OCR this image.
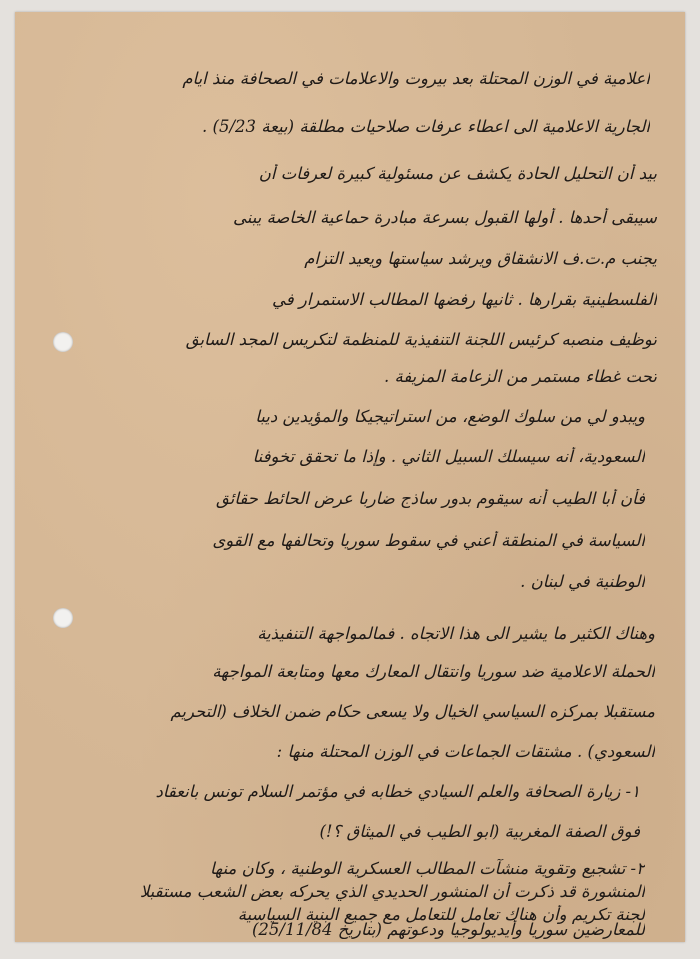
اعلامية في الوزن المحتلة بعد بيروت والاعلامات في الصحافة منذ ايام
الجارية الاعلامية الى اعطاء عرفات صلاحيات مطلقة (بيعة 5/23) .
بيد أن التحليل الحادة يكشف عن مسئولية كبيرة لعرفات أن
سيبقى أحدها . أولها القبول بسرعة مبادرة حماعية الخاصة يبنى
يجنب م.ت.ف الانشقاق ويرشد سياستها ويعيد التزام
الفلسطينية بقرارها . ثانيها رفضها المطالب الاستمرار في
توظيف منصبه كرئيس اللجنة التنفيذية للمنظمة لتكريس المجد السابق
تحت غطاء مستمر من الزعامة المزيفة .
ويبدو لي من سلوك الوضع، من استراتيجيكا والمؤيدين ديبا
السعودية، أنه سيسلك السبيل الثاني . وإذا ما تحقق تخوفنا
فأن أبا الطيب أنه سيقوم بدور ساذج ضاربا عرض الحائط حقائق
السياسة في المنطقة أعني في سقوط سوريا وتحالفها مع القوى
الوطنية في لبنان .
وهناك الكثير ما يشير الى هذا الاتجاه . فمالمواجهة التنفيذية
الحملة الاعلامية ضد سوريا وانتقال المعارك معها ومتابعة المواجهة
مستقبلا بمركزه السياسي الخيال ولا يسعى حكام ضمن الخلاف (التحريم
السعودي) . مشتقات الجماعات في الوزن المحتلة منها :
١- زيارة الصحافة والعلم السيادي خطابه في مؤتمر السلام تونس بانعقاد
فوق الصفة المغربية (ابو الطيب في الميثاق ؟!)
٢- تشجيع وتقوية منشآت المطالب العسكرية الوطنية ، وكان منها
المنشورة قد ذكرت أن المنشور الحديدي الذي يحركه بعض الشعب مستقبلا
لجنة تكريم وأن هناك تعامل للتعامل مع جميع البنية السياسية
للمعارضين سوريا وأيديولوجيا ودعوتهم (بتاريخ 25/11/84)
